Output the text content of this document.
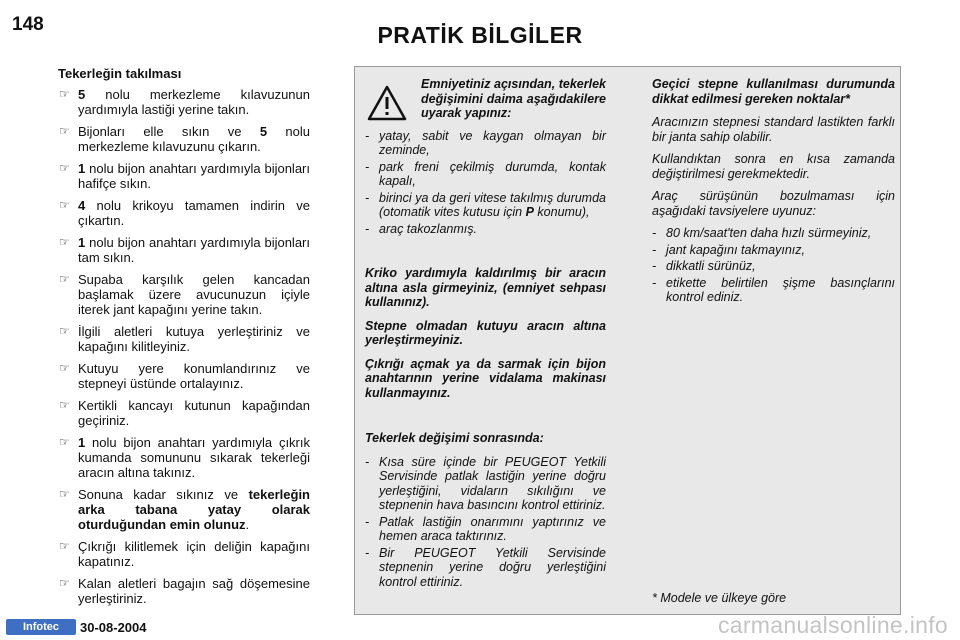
148	PRATİK BİLGİLER
Tekerleğin takılması
☞ 5 nolu merkezleme kılavuzunun yardımıyla lastiği yerine takın.
☞ Bijonları elle sıkın ve 5 nolu merkezleme kılavuzunu çıkarın.
☞ 1 nolu bijon anahtarı yardımıyla bijonları hafifçe sıkın.
☞ 4 nolu krikoyu tamamen indirin ve çıkartın.
☞ 1 nolu bijon anahtarı yardımıyla bijonları tam sıkın.
☞ Supaba karşılık gelen kancadan başlamak üzere avucunuzun içiyle iterek jant kapağını yerine takın.
☞ İlgili aletleri kutuya yerleştiriniz ve kapağını kilitleyiniz.
☞ Kutuyu yere konumlandırınız ve stepneyi üstünde ortalayınız.
☞ Kertikli kancayı kutunun kapağından geçiriniz.
☞ 1 nolu bijon anahtarı yardımıyla çıkrık kumanda somununu sıkarak tekerleği aracın altına takınız.
☞ Sonuna kadar sıkınız ve tekerleğin arka tabana yatay olarak oturduğundan emin olunuz.
☞ Çıkrığı kilitlemek için deliğin kapağını kapatınız.
☞ Kalan aletleri bagajın sağ döşemesine yerleştiriniz.
Emniyetiniz açısından, tekerlek değişimini daima aşağıdakilere uyarak yapınız:
- yatay, sabit ve kaygan olmayan bir zeminde,
- park freni çekilmiş durumda, kontak kapalı,
- birinci ya da geri vitese takılmış durumda (otomatik vites kutusu için P konumu),
- araç takozlanmış.

Kriko yardımıyla kaldırılmış bir aracın altına asla girmeyiniz, (emniyet sehpası kullanınız).

Stepne olmadan kutuyu aracın altına yerleştirmeyiniz.

Çıkrığı açmak ya da sarmak için bijon anahtarının yerine vidalama makinası kullanmayınız.

Tekerlek değişimi sonrasında:

- Kısa süre içinde bir PEUGEOT Yetkili Servisinde patlak lastiğin yerine doğru yerleştiğini, vidaların sıkılığını ve stepnenin hava basıncını kontrol ettiriniz.
- Patlak lastiğin onarımını yaptırınız ve hemen araca taktırınız.
- Bir PEUGEOT Yetkili Servisinde stepnenin yerine doğru yerleştiğini kontrol ettiriniz.

Geçici stepne kullanılması durumunda dikkat edilmesi gereken noktalar*

Aracınızın stepnesi standard lastikten farklı bir janta sahip olabilir.

Kullandıktan sonra en kısa zamanda değiştirilmesi gerekmektedir.

Araç sürüşünün bozulmaması için aşağıdaki tavsiyelere uyunuz:

- 80 km/saat'ten daha hızlı sürmeyiniz,
- jant kapağını takmayınız,
- dikkatli sürünüz,
- etikette belirtilen şişme basınçlarını kontrol ediniz.
* Modele ve ülkeye göre
Infotec	30-08-2004	carmanualsonline.info
